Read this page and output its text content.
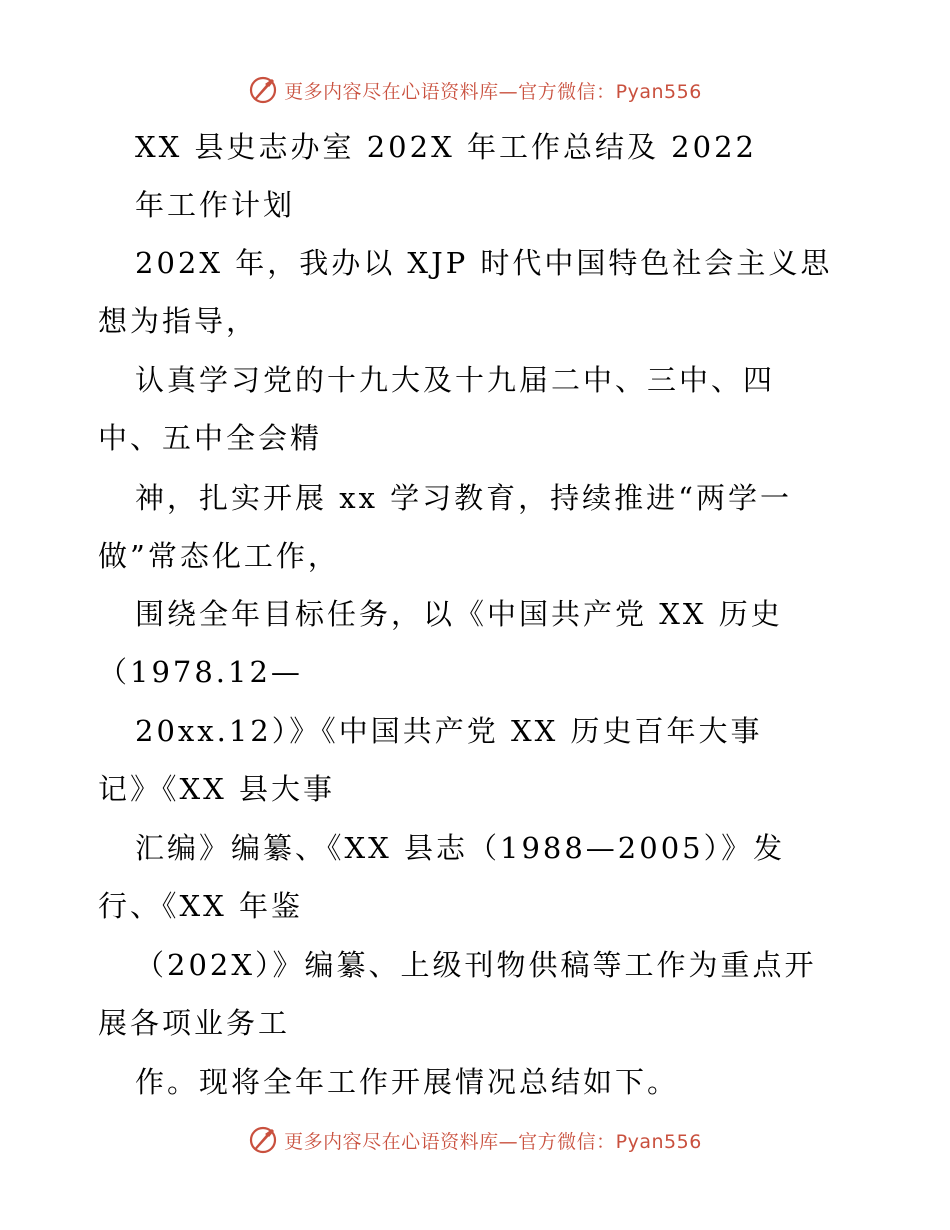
更多内容尽在心语资料库—官方微信：Pyan556
XX 县史志办室 202X 年工作总结及 2022
年工作计划
202X 年，我办以 XJP 时代中国特色社会主义思
想为指导，
认真学习党的十九大及十九届二中、三中、四
中、五中全会精
神，扎实开展 xx 学习教育，持续推进“两学一
做”常态化工作，
围绕全年目标任务，以《中国共产党 XX 历史
（1978.12—
20xx.12）》《中国共产党 XX 历史百年大事
记》《XX 县大事
汇编》编纂、《XX 县志（1988—2005）》发
行、《XX 年鉴
（202X）》编纂、上级刊物供稿等工作为重点开
展各项业务工
作。现将全年工作开展情况总结如下。
更多内容尽在心语资料库—官方微信：Pyan556
